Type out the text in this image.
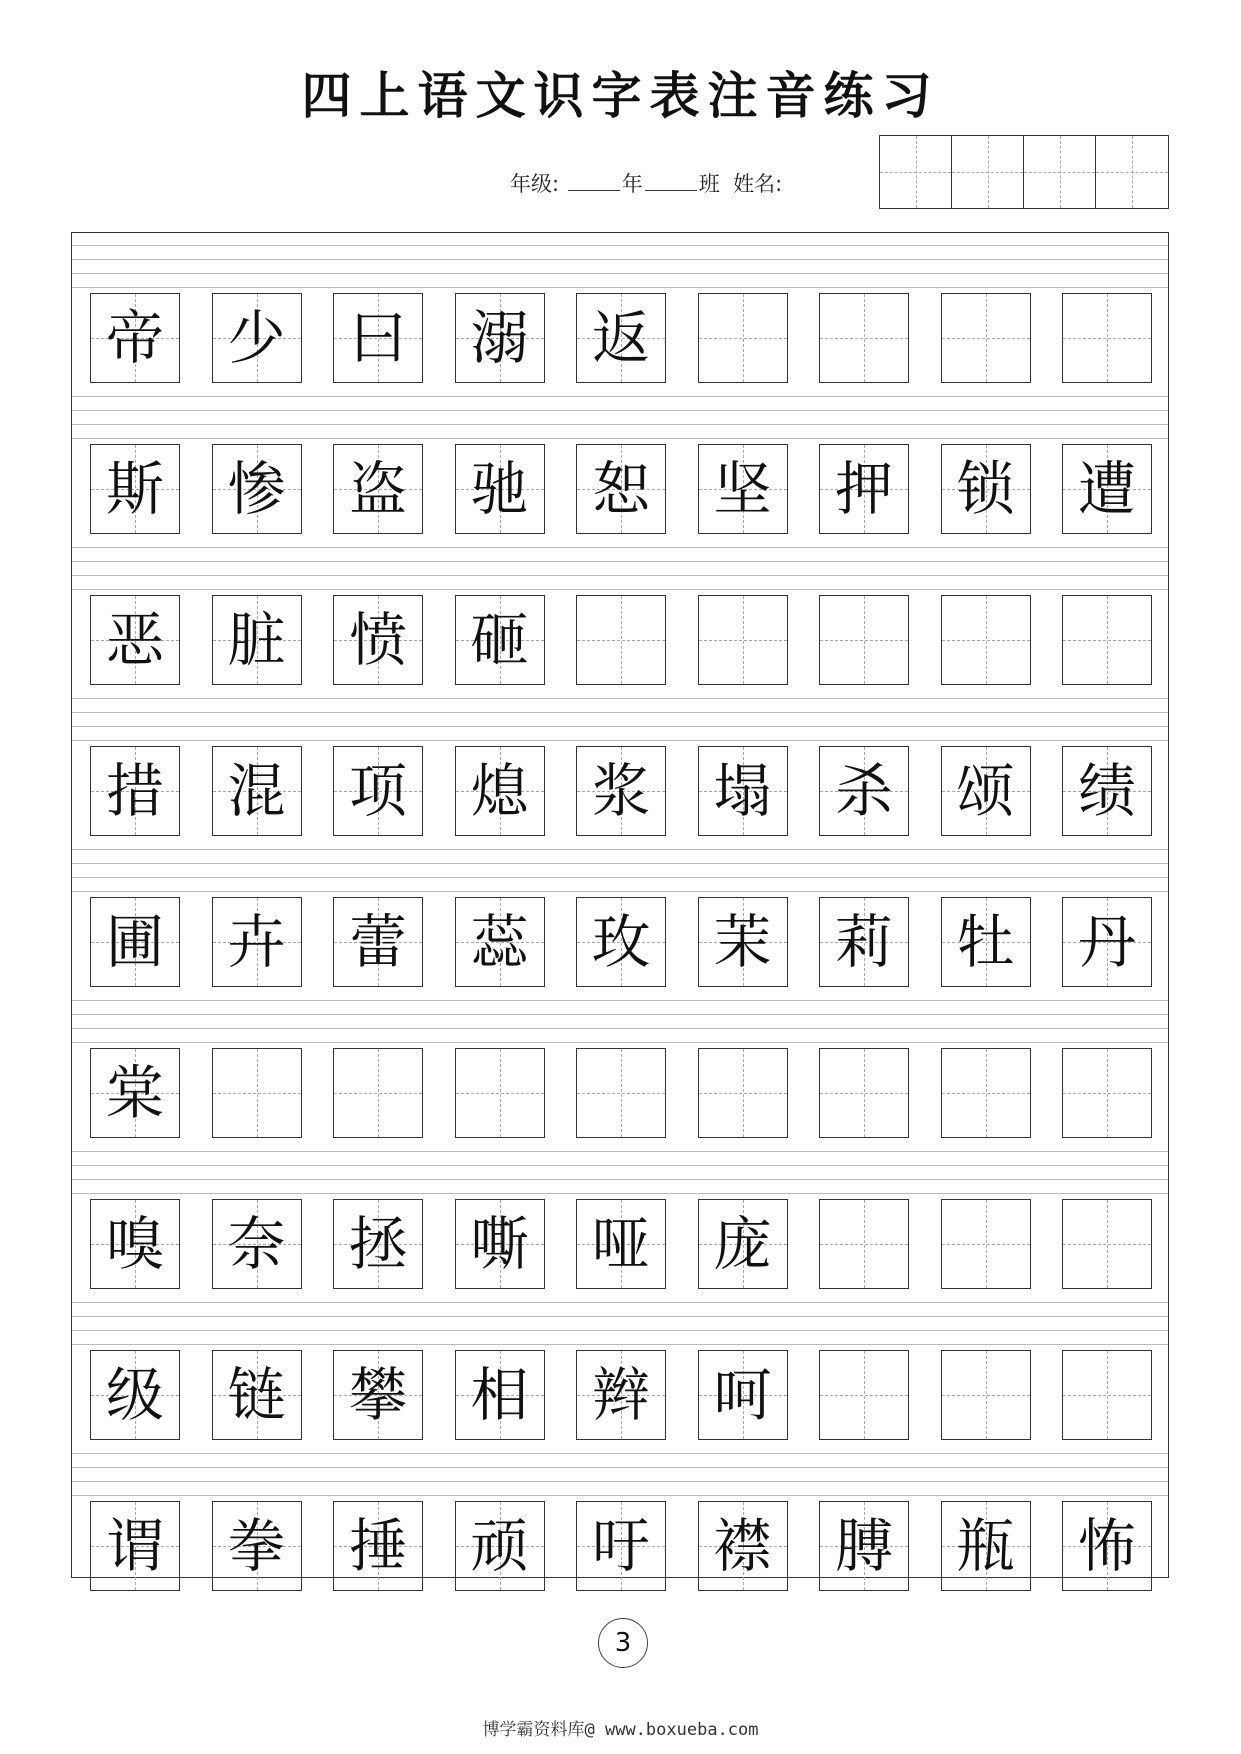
四上语文识字表注音练习
年级:	年	班 姓名:
帝 少 曰 溺 返
斯 惨 盗 驰 恕 坚 押 锁 遭
恶 脏 愤 砸
措 混 项 熄 浆 塌 杀 颂 绩
圃 卉 蕾 蕊 玫 茉 莉 牡 丹
棠
嗅 奈 拯 嘶 哑 庞
级 链 攀 相 辫 呵
谓 拳 捶 顽 吁 襟 膊 瓶 怖
3
博学霸资料库@ www.boxueba.com
